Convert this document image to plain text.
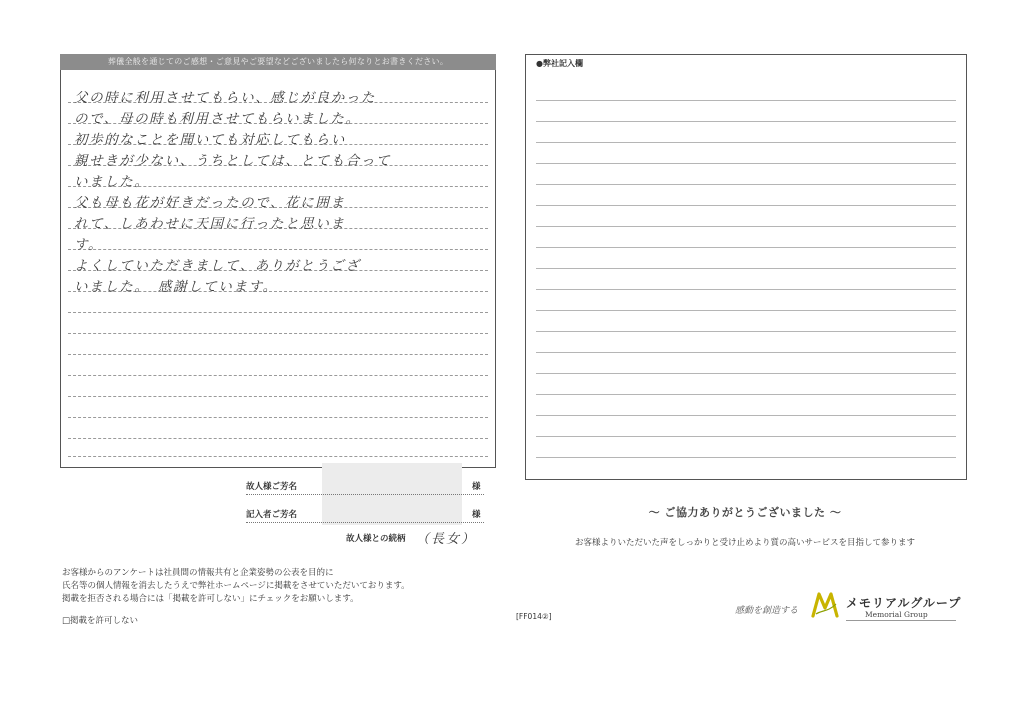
葬儀全般を通じてのご感想・ご意見やご要望などございましたら何なりとお書きください。
父の時に利用させてもらい、感じが良かった
ので、母の時も利用させてもらいました。
初歩的なことを聞いても対応してもらい
親せきが少ない、うちとしては、とても合って
いました。
父も母も花が好きだったので、花に囲ま
れて、しあわせに天国に行ったと思いま
す。
よくしていただきまして、ありがとうござ
いました。　感謝しています。
●弊社記入欄
故人様ご芳名	様
記入者ご芳名	様
故人様との続柄 （長女）
お客様からのアンケートは社員間の情報共有と企業姿勢の公表を目的に
氏名等の個人情報を消去したうえで弊社ホームページに掲載をさせていただいております。
掲載を拒否される場合には「掲載を許可しない」にチェックをお願いします。
□掲載を許可しない
～ ご協力ありがとうございました ～
お客様よりいただいた声をしっかりと受け止めより質の高いサービスを目指して参ります
[FF014②]
感動を創造する
メモリアルグループ
Memorial Group
